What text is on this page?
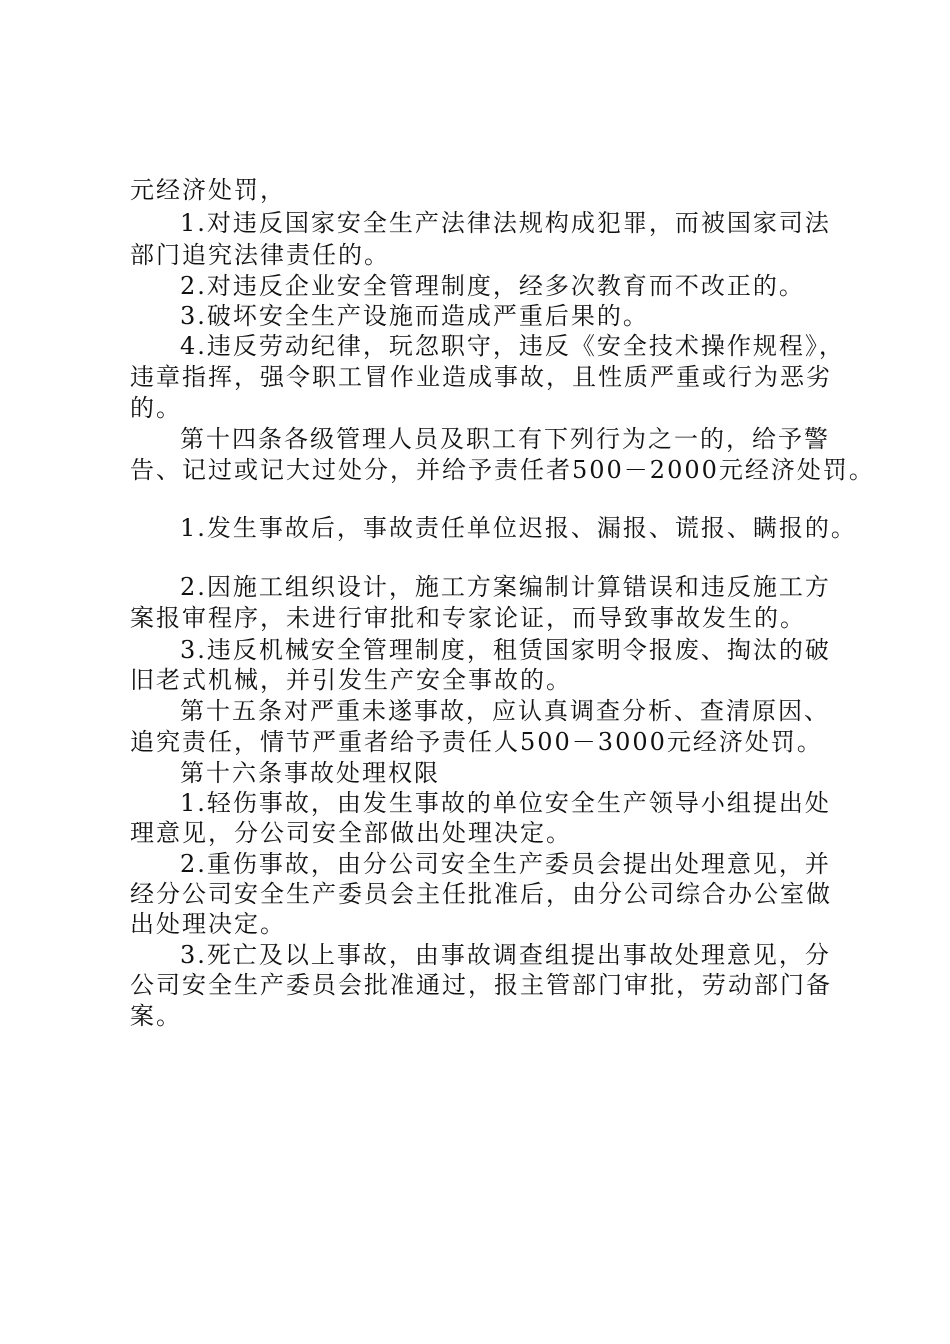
元经济处罚，
1.对违反国家安全生产法律法规构成犯罪，而被国家司法
部门追究法律责任的。
2.对违反企业安全管理制度，经多次教育而不改正的。
3.破坏安全生产设施而造成严重后果的。
4.违反劳动纪律，玩忽职守，违反《安全技术操作规程》，
违章指挥，强令职工冒作业造成事故，且性质严重或行为恶劣
的。
第十四条各级管理人员及职工有下列行为之一的，给予警
告、记过或记大过处分，并给予责任者500－2000元经济处罚。
1.发生事故后，事故责任单位迟报、漏报、谎报、瞒报的。
2.因施工组织设计，施工方案编制计算错误和违反施工方
案报审程序，未进行审批和专家论证，而导致事故发生的。
3.违反机械安全管理制度，租赁国家明令报废、掏汰的破
旧老式机械，并引发生产安全事故的。
第十五条对严重未遂事故，应认真调查分析、查清原因、
追究责任，情节严重者给予责任人500－3000元经济处罚。
第十六条事故处理权限
1.轻伤事故，由发生事故的单位安全生产领导小组提出处
理意见，分公司安全部做出处理决定。
2.重伤事故，由分公司安全生产委员会提出处理意见，并
经分公司安全生产委员会主任批准后，由分公司综合办公室做
出处理决定。
3.死亡及以上事故，由事故调查组提出事故处理意见，分
公司安全生产委员会批准通过，报主管部门审批，劳动部门备
案。
